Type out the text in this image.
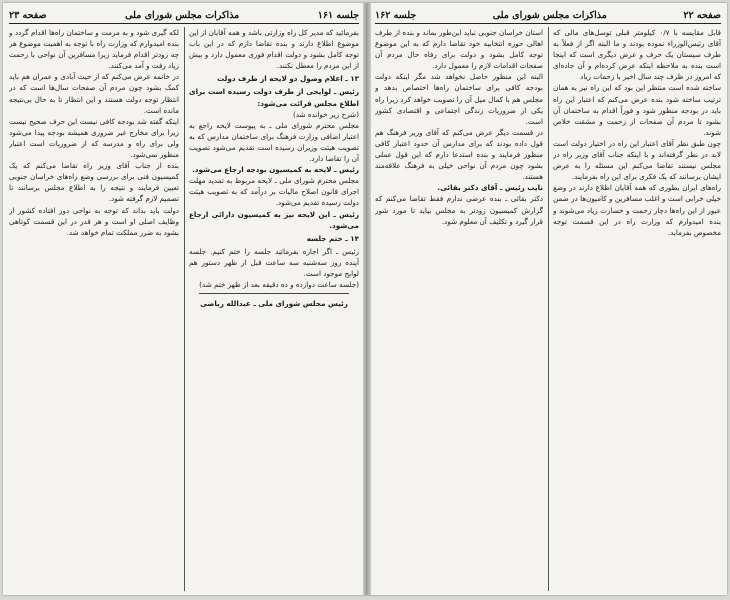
صفحه ۲۲
مذاکرات مجلس شورای ملی
جلسه ۱۶۲

قابل مقایسه با ۰/۷ کیلومتر قبلی توسل‌های مالی که آقای رئیس‌الوزراء نموده بودند و ما البته اگر از فعلاً به طرف سیستان یک حرف و عرض دیگری است که اینجا است بنده به ملاحظه اینکه عرض کرده‌ام و آن جاده‌ای که امروز در ظرف چند سال اخیر با زحمات زیاد

ساخته شده است منتظر این بود که این راه نیز به همان ترتیب ساخته شود بنده عرض می‌کنم که اعتبار این راه باید در بودجه منظور شود و فوراً اقدام به ساختمان آن بشود تا مردم آن صفحات از زحمت و مشقت خلاص شوند.

چون طبق نظر آقای اعتبار این راه در اختیار دولت است لابد در نظر گرفته‌اند و با اینکه جناب آقای وزیر راه در مجلس نیستند تقاضا می‌کنم این مسئله را به عرض ایشان برسانند که یک فکری برای این راه بفرمایند.

راه‌های ایران بطوری که همه آقایان اطلاع دارند در وضع خیلی خرابی است و اغلب مسافرین و کامیون‌ها در ضمن عبور از این راه‌ها دچار زحمت و خسارت زیاد می‌شوند و بنده امیدوارم که وزارت راه در این قسمت توجه مخصوص بفرماید.

استان خراسان جنوبی نباید این‌طور بماند و بنده از طرف اهالی حوزه انتخابیه خود تقاضا دارم که به این موضوع توجه کامل بشود و دولت برای رفاه حال مردم آن صفحات اقدامات لازم را معمول دارد.

البته این منظور حاصل نخواهد شد مگر اینکه دولت بودجه کافی برای ساختمان راه‌ها اختصاص بدهد و مجلس هم با کمال میل آن را تصویب خواهد کرد زیرا راه یکی از ضروریات زندگی اجتماعی و اقتصادی کشور است.

در قسمت دیگر عرض می‌کنم که آقای وزیر فرهنگ هم قول داده بودند که برای مدارس آن حدود اعتبار کافی منظور فرمایند و بنده استدعا دارم که این قول عملی بشود چون مردم آن نواحی خیلی به فرهنگ علاقه‌مند هستند.

نایب رئیس ـ آقای دکتر بقائی.

دکتر بقائی ـ بنده عرضی ندارم فقط تقاضا می‌کنم که گزارش کمیسیون زودتر به مجلس بیاید تا مورد شور قرار گیرد و تکلیف آن معلوم شود.

جلسه ۱۶۱
مذاکرات مجلس شورای ملی
صفحه ۲۳

بفرمائید که مدیر کل راه وزارتی باشد و همه آقایان از این موضوع اطلاع دارند و بنده تقاضا دارم که در این باب توجه کامل بشود و دولت اقدام فوری معمول دارد و بیش از این مردم را معطل نکنند.

۱۳ ـ اعلام وصول دو لایحه از طرف دولت

رئیس ـ لوایحی از طرف دولت رسیده است برای اطلاع مجلس قرائت می‌شود:

(شرح زیر خوانده شد)

مجلس محترم شورای ملی ـ به پیوست لایحه راجع به اعتبار اضافی وزارت فرهنگ برای ساختمان مدارس که به تصویب هیئت وزیران رسیده است تقدیم می‌شود تصویب آن را تقاضا دارد.

رئیس ـ لایحه به کمیسیون بودجه ارجاع می‌شود.

مجلس محترم شورای ملی ـ لایحه مربوط به تمدید مهلت اجرای قانون اصلاح مالیات بر درآمد که به تصویب هیئت دولت رسیده تقدیم می‌شود.

رئیس ـ این لایحه نیز به کمیسیون دارائی ارجاع می‌شود.

۱۴ ـ ختم جلسه

رئیس ـ اگر اجازه بفرمائید جلسه را ختم کنیم. جلسه آینده روز سه‌شنبه سه ساعت قبل از ظهر دستور هم لوایح موجود است.

(جلسه ساعت دوازده و ده دقیقه بعد از ظهر ختم شد)

رئیس مجلس شورای ملی ـ عبدالله ریاضی

لکه گیری شود و به مرمت و ساختمان راه‌ها اقدام گردد و بنده امیدوارم که وزارت راه با توجه به اهمیت موضوع هر چه زودتر اقدام فرماید زیرا مسافرین آن نواحی با زحمت زیاد رفت و آمد می‌کنند.

در خاتمه عرض می‌کنم که از حیث آبادی و عمران هم باید کمک بشود چون مردم آن صفحات سال‌ها است که در انتظار توجه دولت هستند و این انتظار تا به حال بی‌نتیجه مانده است.

اینکه گفته شد بودجه کافی نیست این حرف صحیح نیست زیرا برای مخارج غیر ضروری همیشه بودجه پیدا می‌شود ولی برای راه و مدرسه که از ضروریات است اعتبار منظور نمی‌شود.

بنده از جناب آقای وزیر راه تقاضا می‌کنم که یک کمیسیون فنی برای بررسی وضع راه‌های خراسان جنوبی تعیین فرمایند و نتیجه را به اطلاع مجلس برسانند تا تصمیم لازم گرفته شود.

دولت باید بداند که توجه به نواحی دور افتاده کشور از وظایف اصلی او است و هر قدر در این قسمت کوتاهی بشود به ضرر مملکت تمام خواهد شد.
